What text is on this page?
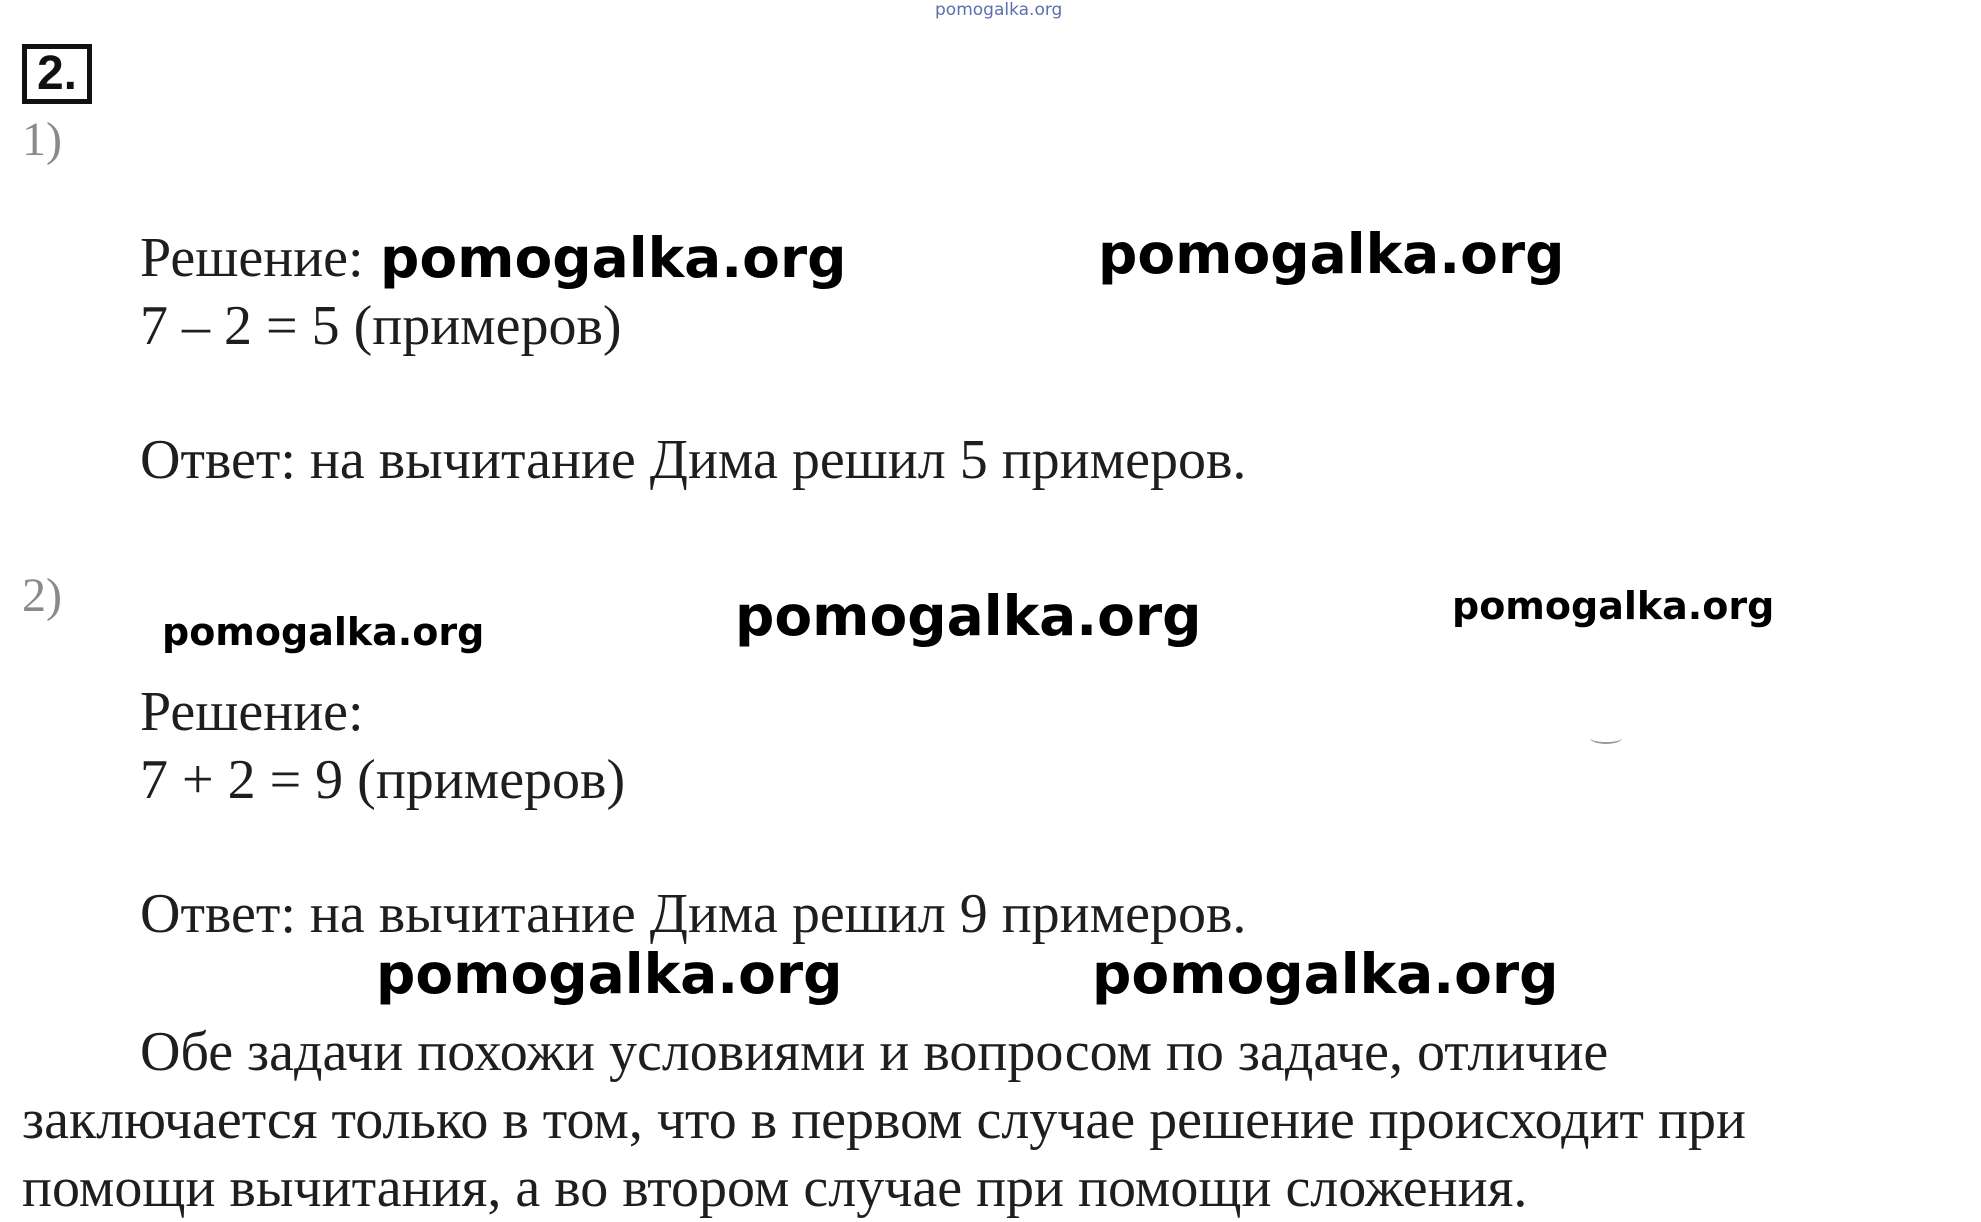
pomogalka.org
2.
1)
Решение:
7 – 2 = 5 (примеров)
Ответ: на вычитание Дима решил 5 примеров.
2)
Решение:
7 + 2 = 9 (примеров)
Ответ: на вычитание Дима решил 9 примеров.
Обе задачи похожи условиями и вопросом по задаче, отличие
заключается только в том, что в первом случае решение происходит при
помощи вычитания, а во втором случае при помощи сложения.
pomogalka.org	pomogalka.org
pomogalka.org	pomogalka.org	pomogalka.org
pomogalka.org	pomogalka.org
